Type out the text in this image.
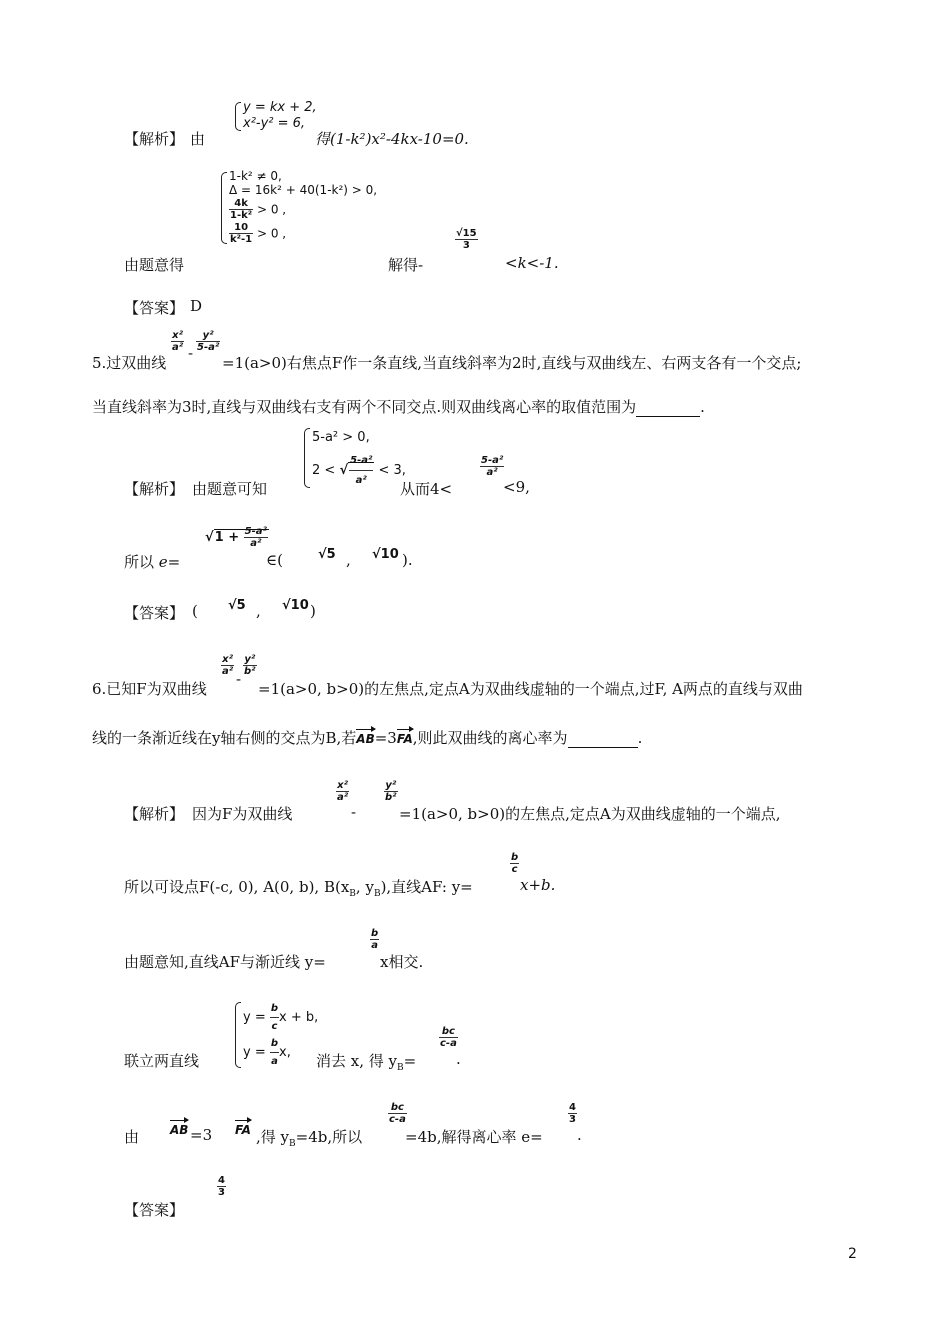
【解析】 由
y = kx + 2,
x²-y² = 6,
得(1-k²)x²-4kx-10=0.
由题意得
1-k² ≠ 0,
Δ = 16k² + 40(1-k²) > 0,
$\frac{4k}{\text{1-k²}} > 0$ ,
$\frac{10}{\text{k²-1}} > 0$ ,
解得-
$\frac{√15}{3}$
<k<-1.
【答案】 D
5.过双曲线
$\frac{\text{x²}}{\text{a²}} - \frac{\text{y²}}{\text{5-a²}}$
=1(a>0)右焦点F作一条直线,当直线斜率为2时,直线与双曲线左、右两支各有一个交点;
当直线斜率为3时,直线与双曲线右支有两个不同交点.则双曲线离心率的取值范围为	.
【解析】 由题意可知
5-a² > 0,
2 < √ $\frac{\text{5-a²}}{\text{a²}} < 3$,
从而4<
$\frac{\text{5-a²}}{\text{a²}}$
<9,
所以 e=
$√1 + \frac{\text{5-a²}}{\text{a²}}$
∈(	√5 , √10 ).
【答案】 ( √5 , √10 )
6.已知F为双曲线
$\frac{\text{x²}}{\text{a²}}$
-
$\frac{\text{y²}}{\text{b²}}$
=1(a>0, b>0)的左焦点,定点A为双曲线虚轴的一个端点,过F, A两点的直线与双曲
线的一条渐近线在y轴右侧的交点为B,若AB=3FA,则此双曲线的离心率为	.
【解析】 因为F为双曲线
$\frac{\text{x²}}{\text{a²}}$
-
$\frac{\text{y²}}{\text{b²}}$
=1(a>0, b>0)的左焦点,定点A为双曲线虚轴的一个端点,
所以可设点F(-c, 0), A(0, b), $B(x_B$, $y_B$),直线AF: y=
$\frac{b}{c}$
x+b.
由题意知,直线AF与渐近线 y=
$\frac{b}{a}$
x相交.
联立两直线
$y = \frac{b}{c}$ x + b,
$y = \frac{b}{a} x$,	消去 x, 得 $y_B=$
$\frac{bc}{c-a}$
.
由	AB =3 FA ,得 $y_B=4b$,所以
$\frac{bc}{c-a}$
=4b,解得离心率 e=
$\frac{4}{3}$
.
【答案】
$\frac{4}{3}$
2
